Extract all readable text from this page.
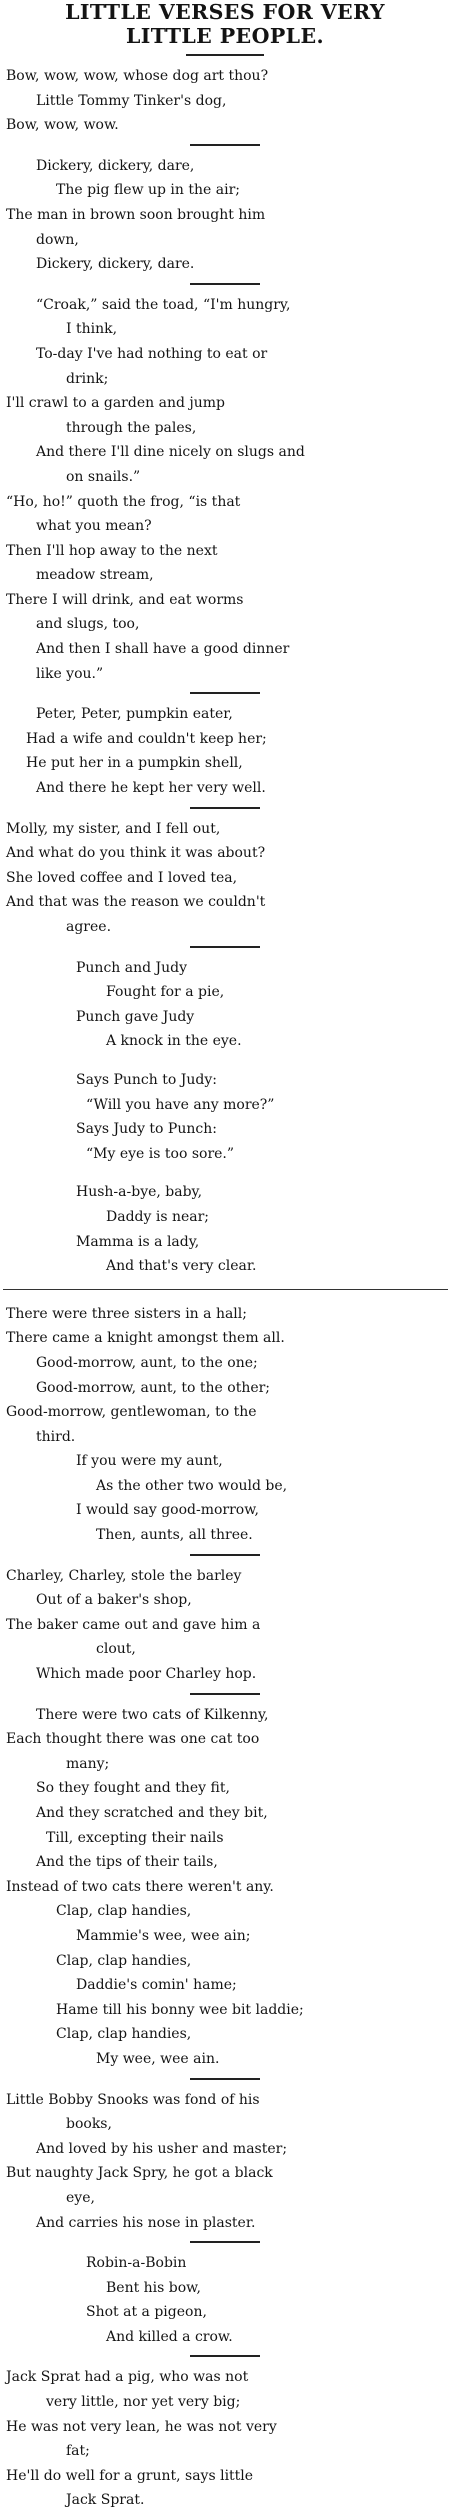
LITTLE VERSES FOR VERY
LITTLE PEOPLE.
Bow, wow, wow, whose dog art thou?
Little Tommy Tinker's dog,
Bow, wow, wow.
Dickery, dickery, dare,
The pig flew up in the air;
The man in brown soon brought him
down,
Dickery, dickery, dare.
“Croak,” said the toad, “I'm hungry,
I think,
To-day I've had nothing to eat or
drink;
I'll crawl to a garden and jump
through the pales,
And there I'll dine nicely on slugs and
on snails.”
“Ho, ho!” quoth the frog, “is that
what you mean?
Then I'll hop away to the next
meadow stream,
There I will drink, and eat worms
and slugs, too,
And then I shall have a good dinner
like you.”
Peter, Peter, pumpkin eater,
Had a wife and couldn't keep her;
He put her in a pumpkin shell,
And there he kept her very well.
Molly, my sister, and I fell out,
And what do you think it was about?
She loved coffee and I loved tea,
And that was the reason we couldn't
agree.
Punch and Judy
Fought for a pie,
Punch gave Judy
A knock in the eye.
Says Punch to Judy:
“Will you have any more?”
Says Judy to Punch:
“My eye is too sore.”
Hush-a-bye, baby,
Daddy is near;
Mamma is a lady,
And that's very clear.
There were three sisters in a hall;
There came a knight amongst them all.
Good-morrow, aunt, to the one;
Good-morrow, aunt, to the other;
Good-morrow, gentlewoman, to the
third.
If you were my aunt,
As the other two would be,
I would say good-morrow,
Then, aunts, all three.
Charley, Charley, stole the barley
Out of a baker's shop,
The baker came out and gave him a
clout,
Which made poor Charley hop.
There were two cats of Kilkenny,
Each thought there was one cat too
many;
So they fought and they fit,
And they scratched and they bit,
Till, excepting their nails
And the tips of their tails,
Instead of two cats there weren't any.
Clap, clap handies,
Mammie's wee, wee ain;
Clap, clap handies,
Daddie's comin' hame;
Hame till his bonny wee bit laddie;
Clap, clap handies,
My wee, wee ain.
Little Bobby Snooks was fond of his
books,
And loved by his usher and master;
But naughty Jack Spry, he got a black
eye,
And carries his nose in plaster.
Robin-a-Bobin
Bent his bow,
Shot at a pigeon,
And killed a crow.
Jack Sprat had a pig, who was not
very little, nor yet very big;
He was not very lean, he was not very
fat;
He'll do well for a grunt, says little
Jack Sprat.
